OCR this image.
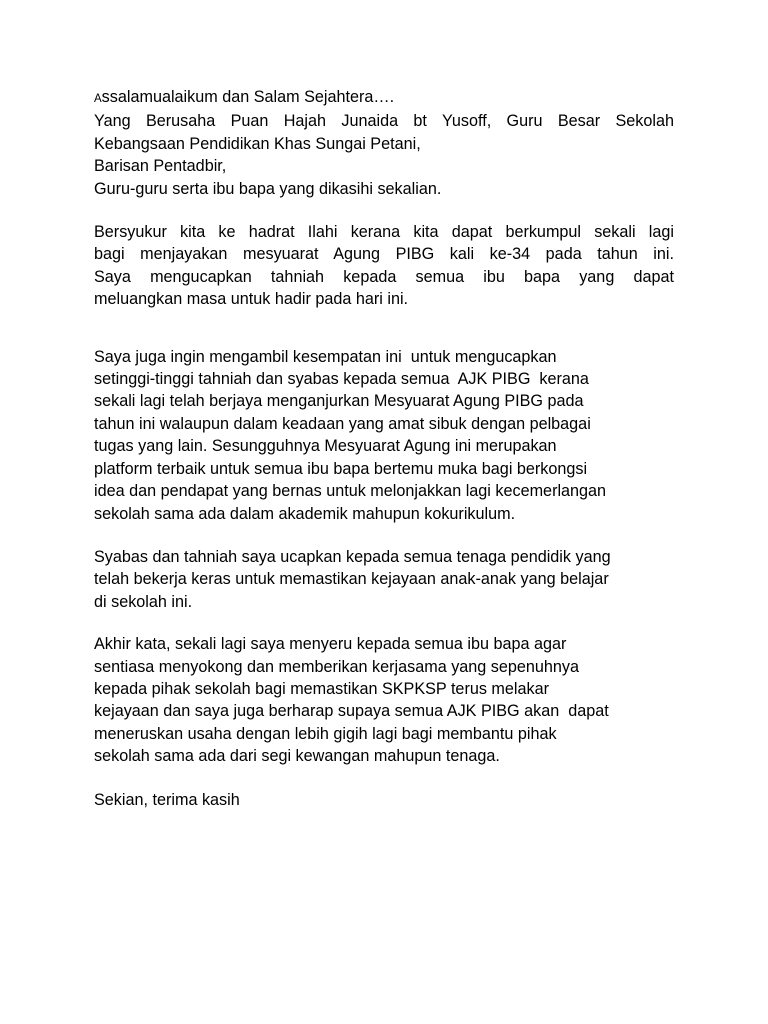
Assalamualaikum dan Salam Sejahtera….
Yang Berusaha Puan Hajah Junaida bt Yusoff, Guru Besar Sekolah
Kebangsaan Pendidikan Khas Sungai Petani,
Barisan Pentadbir,
Guru-guru serta ibu bapa yang dikasihi sekalian.
Bersyukur kita ke hadrat Ilahi kerana kita dapat berkumpul sekali lagi
bagi menjayakan mesyuarat Agung PIBG kali ke-34 pada tahun ini.
Saya mengucapkan tahniah kepada semua ibu bapa yang dapat
meluangkan masa untuk hadir pada hari ini.
Saya juga ingin mengambil kesempatan ini  untuk mengucapkan
setinggi-tinggi tahniah dan syabas kepada semua  AJK PIBG  kerana
sekali lagi telah berjaya menganjurkan Mesyuarat Agung PIBG pada
tahun ini walaupun dalam keadaan yang amat sibuk dengan pelbagai
tugas yang lain. Sesungguhnya Mesyuarat Agung ini merupakan
platform terbaik untuk semua ibu bapa bertemu muka bagi berkongsi
idea dan pendapat yang bernas untuk melonjakkan lagi kecemerlangan
sekolah sama ada dalam akademik mahupun kokurikulum.
Syabas dan tahniah saya ucapkan kepada semua tenaga pendidik yang
telah bekerja keras untuk memastikan kejayaan anak-anak yang belajar
di sekolah ini.
Akhir kata, sekali lagi saya menyeru kepada semua ibu bapa agar
sentiasa menyokong dan memberikan kerjasama yang sepenuhnya
kepada pihak sekolah bagi memastikan SKPKSP terus melakar
kejayaan dan saya juga berharap supaya semua AJK PIBG akan  dapat
meneruskan usaha dengan lebih gigih lagi bagi membantu pihak
sekolah sama ada dari segi kewangan mahupun tenaga.
Sekian, terima kasih
